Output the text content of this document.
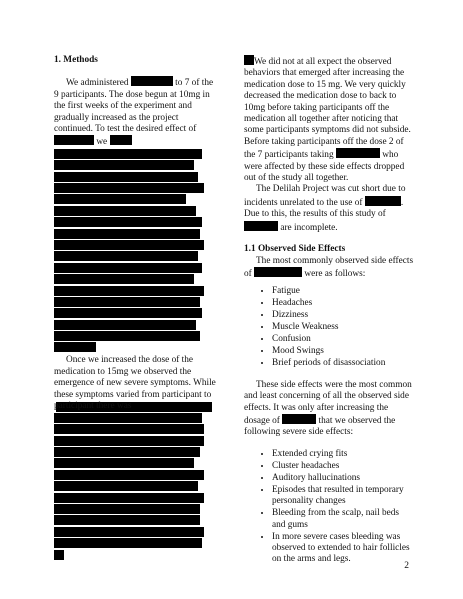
1. Methods

We administered	to 7 of the 9 participants. The dose begun at 10mg in the first weeks of the experiment and gradually increased as the project continued. To test the desired effect of  we

Once we increased the dose of the medication to 15mg we observed the emergence of new severe symptoms. While these symptoms varied from participant to participant there was

We did not at all expect the observed behaviors that emerged after increasing the medication dose to 15 mg. We very quickly decreased the medication dose to back to 10mg before taking participants off the medication all together after noticing that some participants symptoms did not subside. Before taking participants off the dose 2 of the 7 participants taking	who were affected by these side effects dropped out of the study all together.

The Delilah Project was cut short due to incidents unrelated to the use of	. Due to this, the results of this study of  are incomplete.

1.1 Observed Side Effects

The most commonly observed side effects of	were as follows:

• Fatigue
• Headaches
• Dizziness
• Muscle Weakness
• Confusion
• Mood Swings
• Brief periods of disassociation

These side effects were the most common and least concerning of all the observed side effects. It was only after increasing the dosage of	that we observed the following severe side effects:

• Extended crying fits
• Cluster headaches
• Auditory hallucinations
• Episodes that resulted in temporary personality changes
• Bleeding from the scalp, nail beds and gums
• In more severe cases bleeding was observed to extended to hair follicles on the arms and legs.
2
